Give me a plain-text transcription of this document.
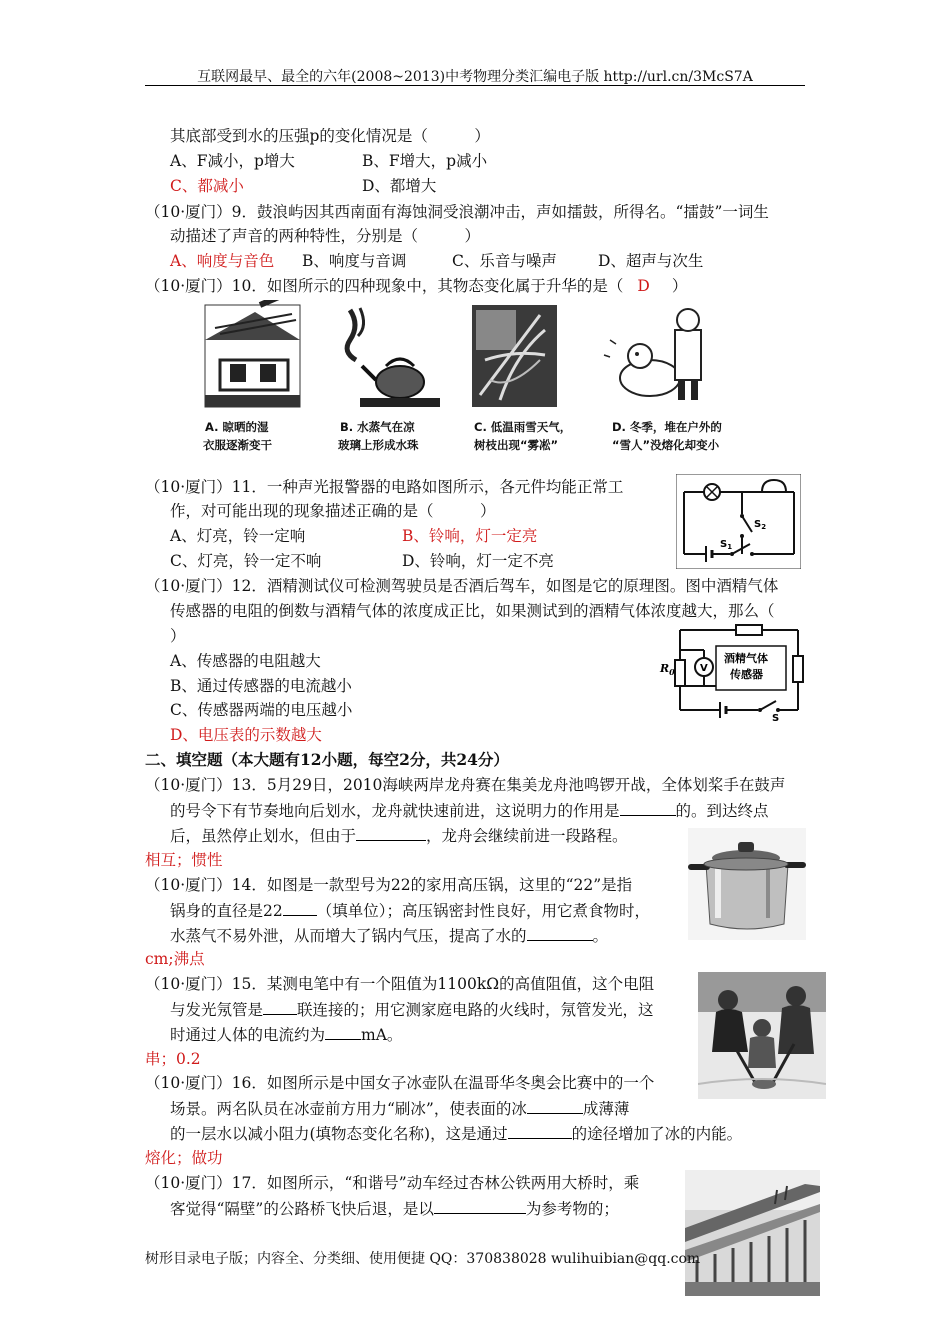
互联网最早、最全的六年(2008~2013)中考物理分类汇编电子版 http://url.cn/3McS7A
其底部受到水的压强p的变化情况是（　　　）
A、F减小，p增大	B、F增大，p减小
C、都减小	D、都增大
（10·厦门）9．鼓浪屿因其西南面有海蚀洞受浪潮冲击，声如擂鼓，所得名。“擂鼓”一词生
动描述了声音的两种特性，分别是（　　　）
A、响度与音色 B、响度与音调	C、乐音与噪声	D、超声与次生
（10·厦门）10．如图所示的四种现象中，其物态变化属于升华的是（ D ）
A. 晾晒的湿
衣服逐渐变干
B. 水蒸气在凉
玻璃上形成水珠
C. 低温雨雪天气，
树枝出现“雾凇”
D. 冬季，堆在户外的
“雪人”没熔化却变小
（10·厦门）11．一种声光报警器的电路如图所示，各元件均能正常工
作，对可能出现的现象描述正确的是（　　　）
A、灯亮，铃一定响	B、铃响，灯一定亮
C、灯亮，铃一定不响	D、铃响，灯一定不亮
$S_2$
$S_1$
（10·厦门）12．酒精测试仪可检测驾驶员是否酒后驾车，如图是它的原理图。图中酒精气体
传感器的电阻的倒数与酒精气体的浓度成正比，如果测试到的酒精气体浓度越大，那么（
）
A、传感器的电阻越大
B、通过传感器的电流越小
C、传感器两端的电压越小
D、电压表的示数越大
V
酒精气体
传感器
$R_0$
S
二、填空题（本大题有12小题，每空2分，共24分）
（10·厦门）13．5月29日，2010海峡两岸龙舟赛在集美龙舟池鸣锣开战，全体划桨手在鼓声
的号令下有节奏地向后划水，龙舟就快速前进，这说明力的作用是	的。到达终点
后，虽然停止划水，但由于	，龙舟会继续前进一段路程。
相互；惯性
（10·厦门）14．如图是一款型号为22的家用高压锅，这里的“22”是指
锅身的直径是22 （填单位）；高压锅密封性良好，用它煮食物时，
水蒸气不易外泄，从而增大了锅内气压，提高了水的	。
cm;沸点
（10·厦门）15．某测电笔中有一个阻值为1100kΩ的高值阻值，这个电阻
与发光氖管是 联连接的；用它测家庭电路的火线时，氖管发光，这
时通过人体的电流约为 mA。
串；0.2
（10·厦门）16．如图所示是中国女子冰壶队在温哥华冬奥会比赛中的一个
场景。两名队员在冰壶前方用力“刷冰”，使表面的冰	成薄薄
的一层水以减小阻力(填物态变化名称)，这是通过	的途径增加了冰的内能。
熔化；做功
（10·厦门）17．如图所示，“和谐号”动车经过杏林公铁两用大桥时，乘
客觉得“隔壁”的公路桥飞快后退，是以	为参考物的；
树形目录电子版；内容全、分类细、使用便捷 QQ：370838028 wulihuibian@qq.com
